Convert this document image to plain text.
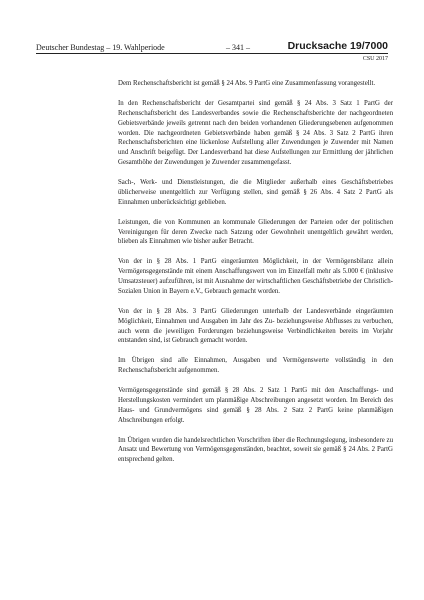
Deutscher Bundestag – 19. Wahlperiode	– 341 –	Drucksache 19/7000
CSU 2017

Dem Rechenschaftsbericht ist gemäß § 24 Abs. 9 PartG eine Zusammenfassung vorangestellt.

In den Rechenschaftsbericht der Gesamtpartei sind gemäß § 24 Abs. 3 Satz 1 PartG der Rechenschaftsbericht des Landesverbandes sowie die Rechenschaftsberichte der nachgeordneten Gebietsverbände jeweils getrennt nach den beiden vorhandenen Gliederungsebenen aufgenommen worden. Die nachgeordneten Gebietsverbände haben gemäß § 24 Abs. 3 Satz 2 PartG ihren Rechenschaftsberichten eine lückenlose Aufstellung aller Zuwendungen je Zuwender mit Namen und Anschrift beigefügt. Der Landesverband hat diese Aufstellungen zur Ermittlung der jährlichen Gesamthöhe der Zuwendungen je Zuwender zusammengefasst.

Sach-, Werk- und Dienstleistungen, die die Mitglieder außerhalb eines Geschäftsbetriebes üblicherweise unentgeltlich zur Verfügung stellen, sind gemäß § 26 Abs. 4 Satz 2 PartG als Einnahmen unberücksichtigt geblieben.

Leistungen, die von Kommunen an kommunale Gliederungen der Parteien oder der politischen Vereinigungen für deren Zwecke nach Satzung oder Gewohnheit unentgeltlich gewährt werden, blieben als Einnahmen wie bisher außer Betracht.

Von der in § 28 Abs. 1 PartG eingeräumten Möglichkeit, in der Vermögensbilanz allein Vermögensgegenstände mit einem Anschaffungswert von im Einzelfall mehr als 5.000 € (inklusive Umsatzsteuer) aufzuführen, ist mit Ausnahme der wirtschaftlichen Geschäftsbetriebe der Christlich-Sozialen Union in Bayern e.V., Gebrauch gemacht worden.

Von der in § 28 Abs. 3 PartG Gliederungen unterhalb der Landesverbände eingeräumten Möglichkeit, Einnahmen und Ausgaben im Jahr des Zu- beziehungsweise Abflusses zu verbuchen, auch wenn die jeweiligen Forderungen beziehungsweise Verbindlichkeiten bereits im Vorjahr entstanden sind, ist Gebrauch gemacht worden.

Im Übrigen sind alle Einnahmen, Ausgaben und Vermögenswerte vollständig in den Rechenschaftsbericht aufgenommen.

Vermögensgegenstände sind gemäß § 28 Abs. 2 Satz 1 PartG mit den Anschaffungs- und Herstellungskosten vermindert um planmäßige Abschreibungen angesetzt worden. Im Bereich des Haus- und Grundvermögens sind gemäß § 28 Abs. 2 Satz 2 PartG keine planmäßigen Abschreibungen erfolgt.

Im Übrigen wurden die handelsrechtlichen Vorschriften über die Rechnungslegung, insbesondere zu Ansatz und Bewertung von Vermögensgegenständen, beachtet, soweit sie gemäß § 24 Abs. 2 PartG entsprechend gelten.
